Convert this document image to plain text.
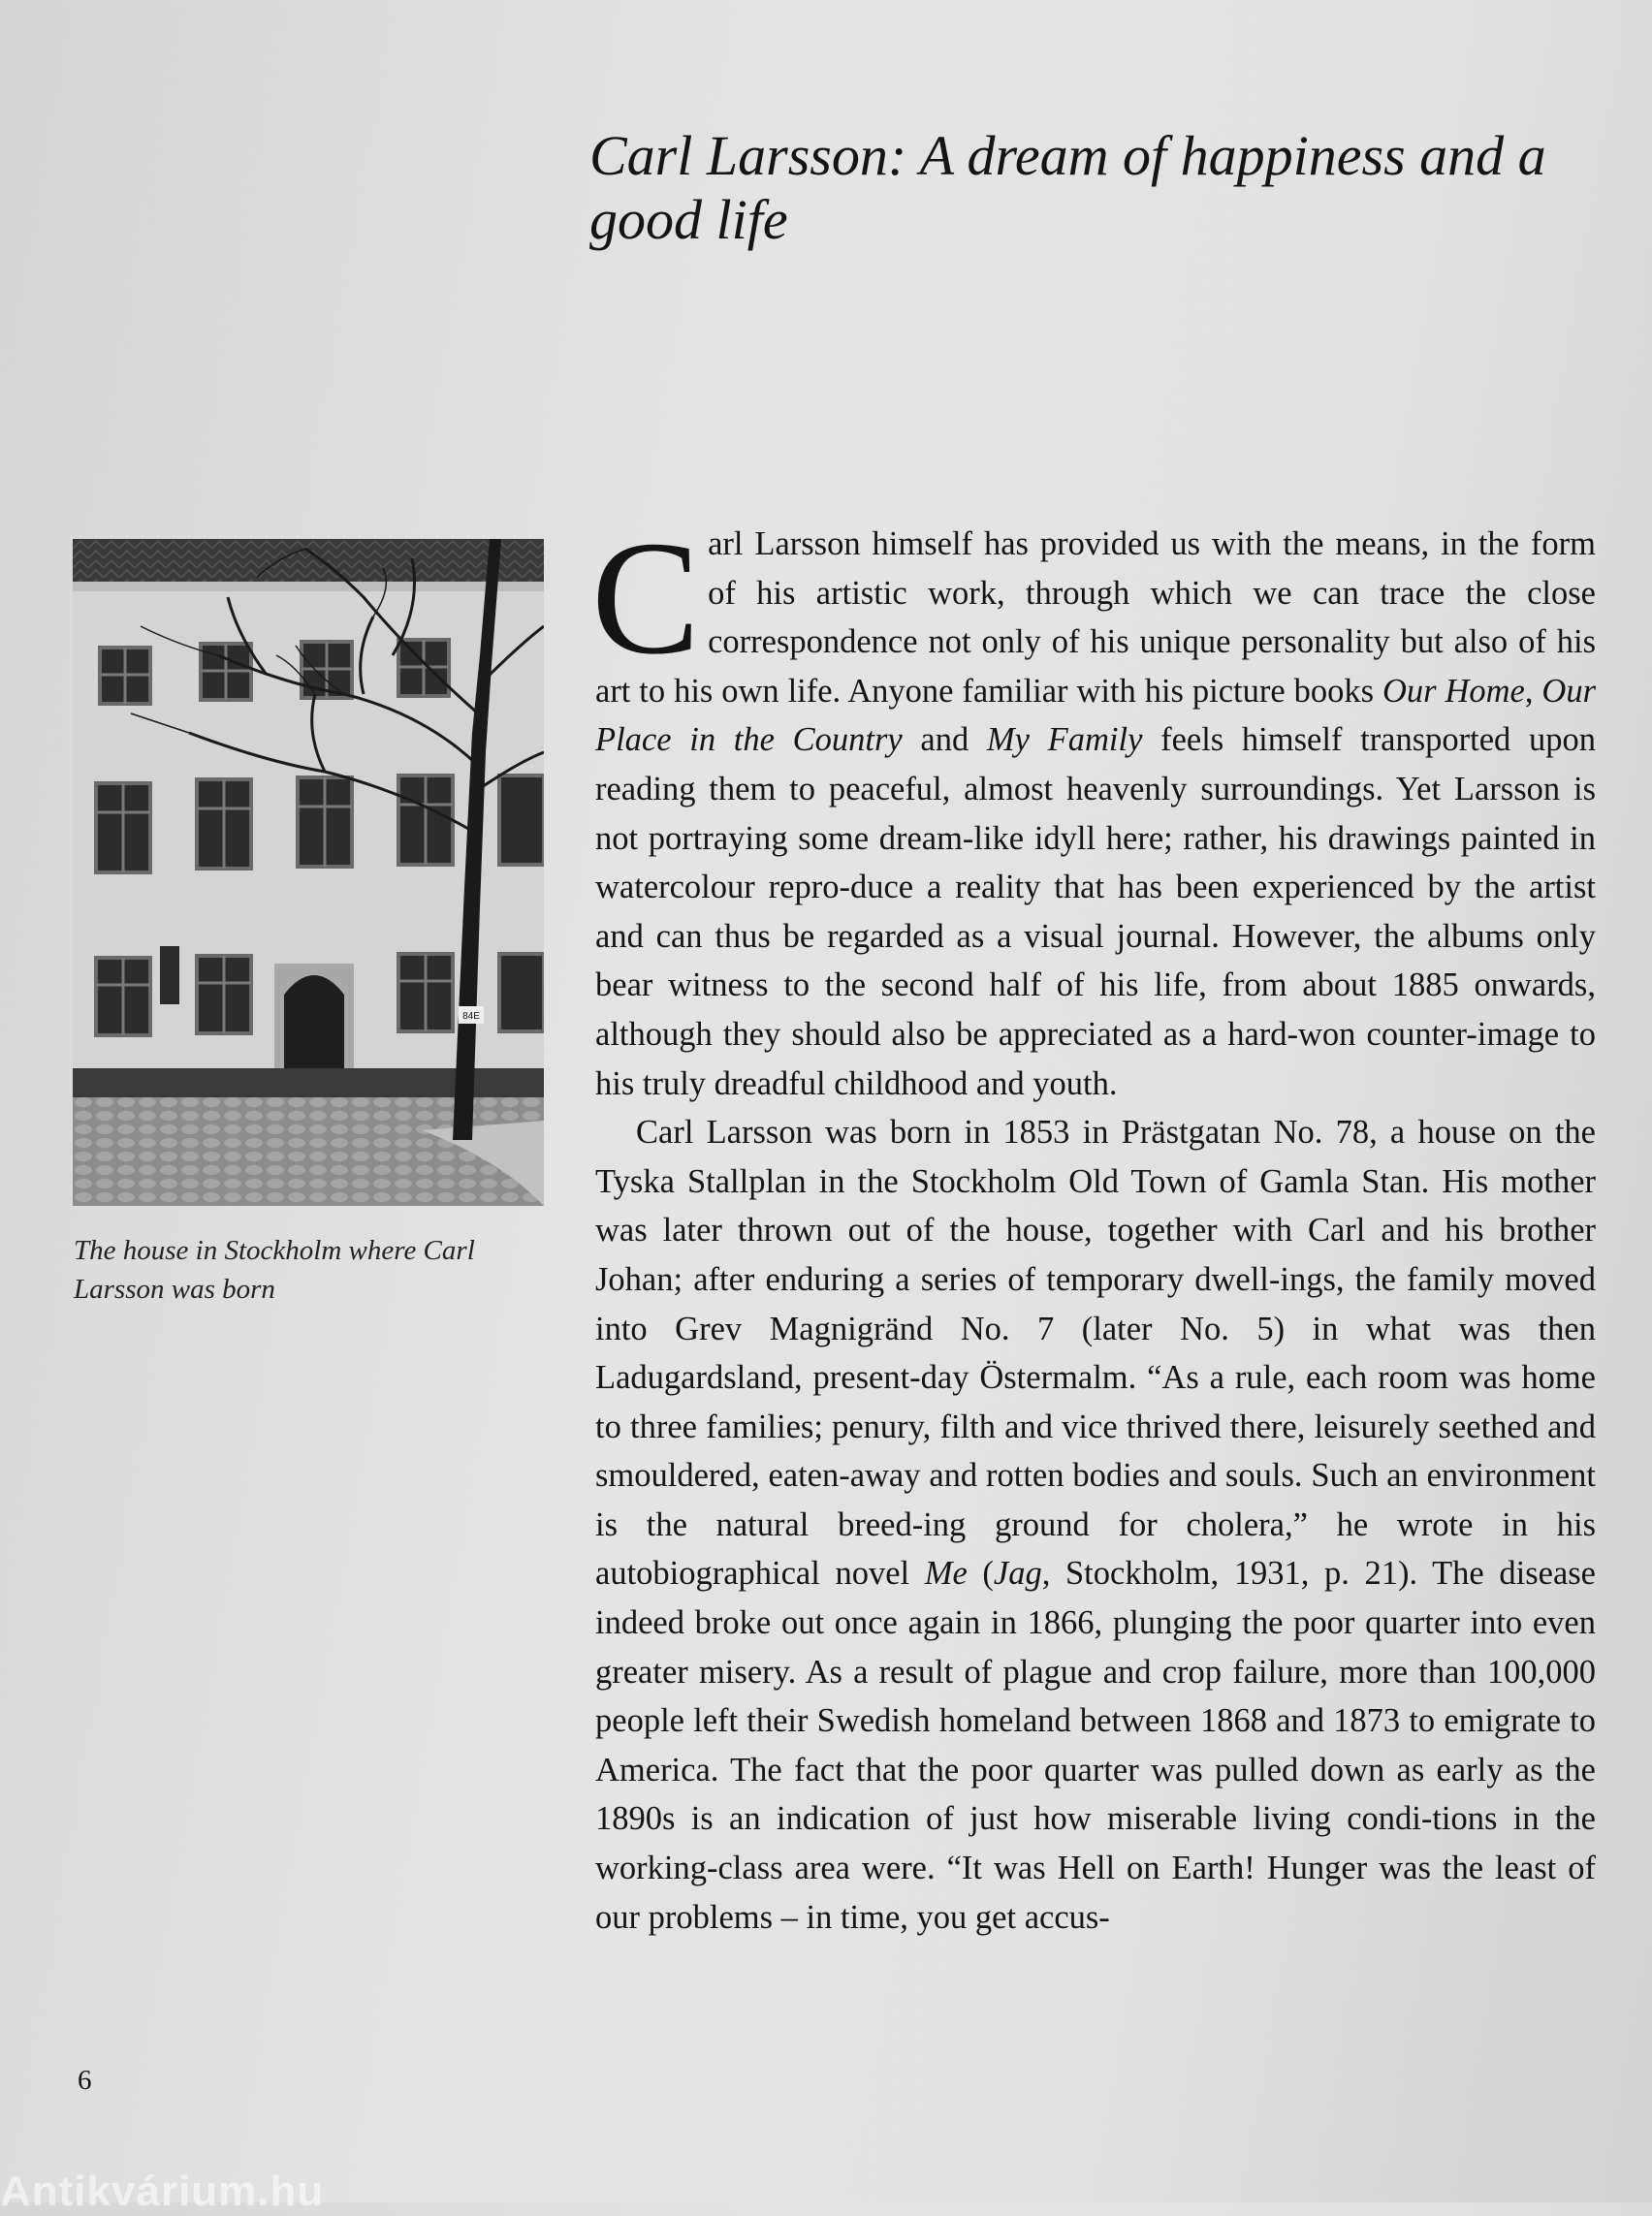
Carl Larsson: A dream of happiness and a good life
84E
The house in Stockholm where Carl Larsson was born

Carl Larsson himself has provided us with the means, in the form of his artistic work, through which we can trace the close correspondence not only of his unique personality but also of his art to his own life. Anyone familiar with his picture books Our Home, Our Place in the Country and My Family feels himself transported upon reading them to peaceful, almost heavenly surroundings. Yet Larsson is not portraying some dream-like idyll here; rather, his drawings painted in watercolour repro-duce a reality that has been experienced by the artist and can thus be regarded as a visual journal. However, the albums only bear witness to the second half of his life, from about 1885 onwards, although they should also be appreciated as a hard-won counter-image to his truly dreadful childhood and youth.

Carl Larsson was born in 1853 in Prästgatan No. 78, a house on the Tyska Stallplan in the Stockholm Old Town of Gamla Stan. His mother was later thrown out of the house, together with Carl and his brother Johan; after enduring a series of temporary dwell-ings, the family moved into Grev Magnigränd No. 7 (later No. 5) in what was then Ladugardsland, present-day Östermalm. “As a rule, each room was home to three families; penury, filth and vice thrived there, leisurely seethed and smouldered, eaten-away and rotten bodies and souls. Such an environment is the natural breed-ing ground for cholera,” he wrote in his autobiographical novel Me (Jag, Stockholm, 1931, p. 21). The disease indeed broke out once again in 1866, plunging the poor quarter into even greater misery. As a result of plague and crop failure, more than 100,000 people left their Swedish homeland between 1868 and 1873 to emigrate to America. The fact that the poor quarter was pulled down as early as the 1890s is an indication of just how miserable living condi-tions in the working-class area were. “It was Hell on Earth! Hunger was the least of our problems – in time, you get accus-

6
Antikvárium.hu
